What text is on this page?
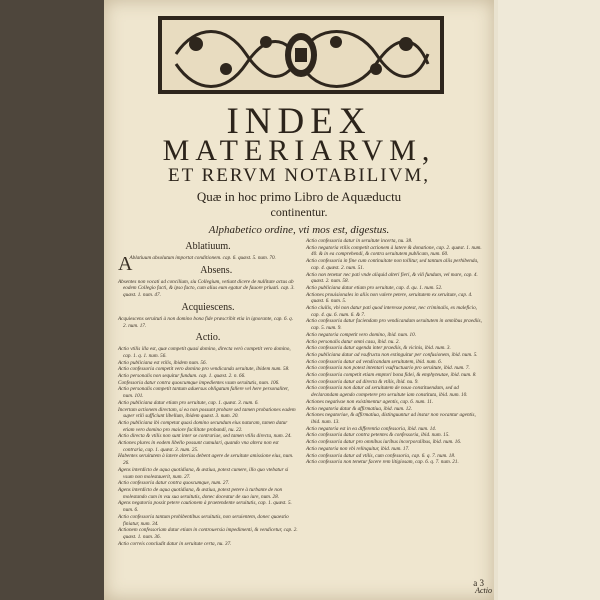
INDEX
MATERIARVM,
ET RERVM NOTABILIVM,
Quæ in hoc primo Libro de Aquæductu
continentur.
Alphabetico ordine, vti mos est, digestus.
Ablatiuum.

A
Ablatiuum absolutum importat conditionem. cap. 6. quæst. 5. num. 70.

Absens.

Absentes non vocati ad concilium, siu Collegium, vetiunt dicere de nullitate actus ab eodem Collegio facti, & ipso facto, cum alius eum egatur de fauore priuati. cap. 3. quæst. 1. num. 47.

Acquiescens.

Acquiescens seruituti à non domino bona fide præscribit etia in ignorante, cap. 6. q. 2. num. 17.

Actio.

Actio vtilis illa est, quæ competit quasi domino, directa verò competit vero domino, cap. 1. q. 1. num. 56.

Actio publiciana est vtilis, ibidem num. 56.

Actio confessoria competit vero domino pro vendicanda seruitute, ibidem num. 58.

Actio personalis non sequitur fundum. cap. 1. quæst. 2. n. 66.

Confessoria datur contra quoscumque impedientes vsum seruitutis, num. 106.

Actio personalis competit tantum aduersus obligatum fallere vel here personaliter, num. 101.

Actio publiciana datur etiam pro seruitute, cap. 1. quæst. 3. num. 6.

Incertam actionem directam, si ea non possunt probare sed tamen probationes eadem super vtili sufficiunt libellum, ibidem quæst. 3. num. 20.

Actio publiciana ibi competat quasi domino secundum eius naturam, tamen datur etiam vero domino pro maiore facilitate probandi, nu. 22.

Actio directa & vtilis non sunt inter se contrariae, sed tamen vtilis directa, num. 24.

Actiones plures in eodem libello possunt cumulari, quando vna altera non est contraria, cap. 1. quæst. 3. num. 25.

Habentes seruitutem à latere alterius debent agere de seruitute amissione eius, num. 26.

Agens interdicto de aqua quotidiana, & æstiua, potest cumere, illo quo vtebatur si vsum non molestauerit, num. 27.

Actio confessoria datur contra quoscumque, num. 27.

Agens interdicto de aqua quotidiana, & æstiua, potest petere à turbante de non molestando cum in vsu sua seruitutis, donec doceatur de suo iure, num. 28.

Agens negatoria possit petere cautionem à praetendente seruitutis, cap. 1. quæst. 5. num. 6.

Actio confessoria tantum prohibentibus seruitutis, non seruientem, donec quaestio finiatur, num. 34.

Actionem confessoriam datur etiam in controuersia impedimenti, & vendicetur, cap. 2. quæst. 1. num. 36.

Actio correis concludit datur in seruitute certa, nu. 37.

Actio confessoria datur in seruitute incerta, nu. 38.

Actio negatoria vtilis competit actionem à latere & donatione, cap. 2. quæst. 1. num. 40. & in ea comprehendi, & contra seruitutem publicam, num. 60.

Actio confessoria in fine cum continuitate non tollitur, sed tantum aliis perhibenda, cap. 4. quæst. 2. num. 51.

Actio non tenetur nec pati vnde aliquid alteri fieri, & vili fundum, vel mare, cap. 4. quæst. 2. num. 58.

Actio publiciana datur etiam pro seruitute, cap. 4. qu. 1. num. 52.

Actiones prouisionales in aliis non valere petere, seruitutem ex seruitute, cap. 4. quæst. 6. num. 5.

Actio ciuilis, vbi non datur pati quod interesse potest, nec criminalis, ex maleficio, cap. 4. qu. 6. num. 6. & 7.

Actio confessoria datur faciendam pro vendicandam seruitutem in omnibus praediis, cap. 5. num. 9.

Actio negatoria competit vero domino, ibid. num. 10.

Actio personalis datur omni casu, ibid. nu. 2.

Actio confessoria datur agenda inter praediis, & vicinis, ibid. num. 3.

Actio publiciana datur ad vsufructu non extinguitur per confusionem, ibid. num. 5.

Actio confessoria datur ad vendicandam seruitutem, ibid. num. 6.

Actio confessoria non potest intentari vsufructuario pro seruitute, ibid. num. 7.

Actio confessoria competit etiam emptori bona fidei, & emphyteutae, ibid. num. 8.

Actio confessoria datur ad directa & vtilis, ibid. nu. 9.

Actio confessoria non datur ad seruitutem de nouo constituendam, sed ad declarandam agendo competere pro seruitute iam constituta, ibid. num. 10.

Actiones negativae non existimentur agentis, cap. 6. num. 11.

Actio negatoria datur & affirmatiua, ibid. num. 12.

Actiones negatoriae, & affirmatiua, distinguuntur ad instar non vocantur agentis, ibid. num. 13.

Actio negatoria est in ea differentia confessoria, ibid. num. 14.

Actio confessoria datur contra petentes & confessoria, ibid. num. 15.

Actio confessoria datur pro omnibus iuribus incorporalibus, ibid. num. 16.

Actio negatoria non vbi relinquitur, ibid. num. 17.

Actio confessoria datur ad vtilis, cum confessoria, cap. 6. q. 7. num. 18.

Actio confessoria non tenetur facere rem litigiosam, cap. 6. q. 7. num. 21.

a 3
Actio
